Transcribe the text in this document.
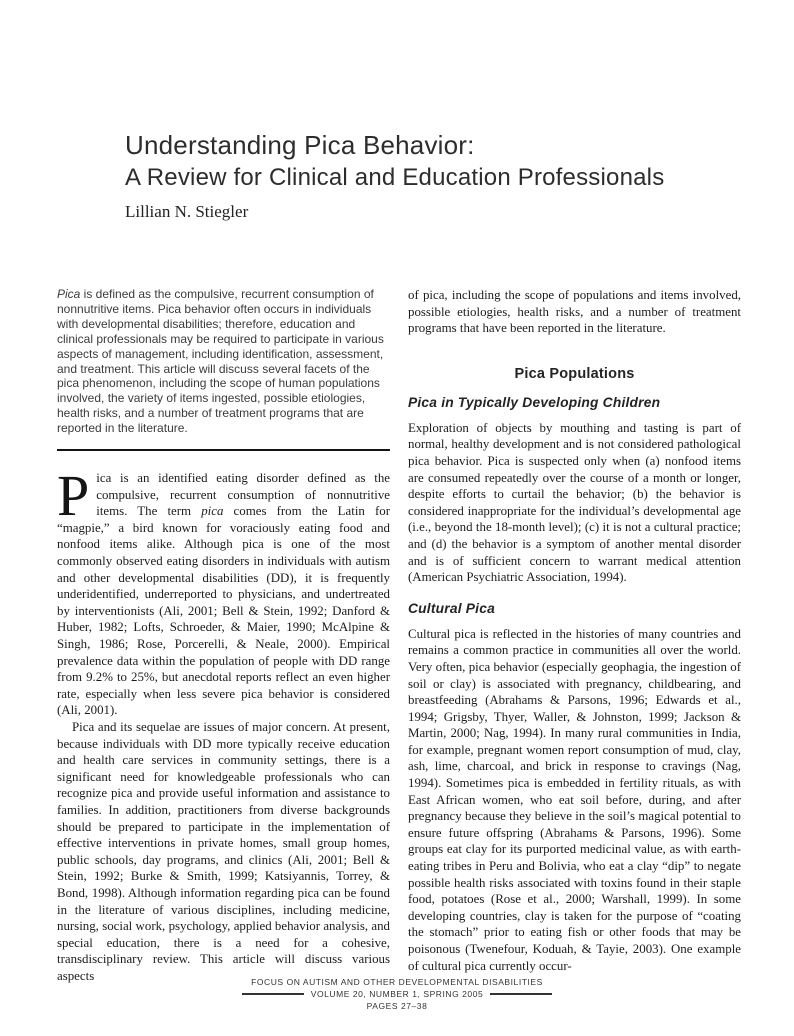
Understanding Pica Behavior:
A Review for Clinical and Education Professionals
Lillian N. Stiegler

Pica is defined as the compulsive, recurrent consumption of nonnutritive items. Pica behavior often occurs in individuals with developmental disabilities; therefore, education and clinical professionals may be required to participate in various aspects of management, including identification, assessment, and treatment. This article will discuss several facets of the pica phenomenon, including the scope of human populations involved, the variety of items ingested, possible etiologies, health risks, and a number of treatment programs that are reported in the literature.

Pica is an identified eating disorder defined as the compulsive, recurrent consumption of nonnutritive items. The term pica comes from the Latin for “magpie,” a bird known for voraciously eating food and nonfood items alike. Although pica is one of the most commonly observed eating disorders in individuals with autism and other developmental disabilities (DD), it is frequently underidentified, underreported to physicians, and undertreated by interventionists (Ali, 2001; Bell & Stein, 1992; Danford & Huber, 1982; Lofts, Schroeder, & Maier, 1990; McAlpine & Singh, 1986; Rose, Porcerelli, & Neale, 2000). Empirical prevalence data within the population of people with DD range from 9.2% to 25%, but anecdotal reports reflect an even higher rate, especially when less severe pica behavior is considered (Ali, 2001).

Pica and its sequelae are issues of major concern. At present, because individuals with DD more typically receive education and health care services in community settings, there is a significant need for knowledgeable professionals who can recognize pica and provide useful information and assistance to families. In addition, practitioners from diverse backgrounds should be prepared to participate in the implementation of effective interventions in private homes, small group homes, public schools, day programs, and clinics (Ali, 2001; Bell & Stein, 1992; Burke & Smith, 1999; Katsiyannis, Torrey, & Bond, 1998). Although information regarding pica can be found in the literature of various disciplines, including medicine, nursing, social work, psychology, applied behavior analysis, and special education, there is a need for a cohesive, transdisciplinary review. This article will discuss various aspects

of pica, including the scope of populations and items involved, possible etiologies, health risks, and a number of treatment programs that have been reported in the literature.

Pica Populations
Pica in Typically Developing Children

Exploration of objects by mouthing and tasting is part of normal, healthy development and is not considered pathological pica behavior. Pica is suspected only when (a) nonfood items are consumed repeatedly over the course of a month or longer, despite efforts to curtail the behavior; (b) the behavior is considered inappropriate for the individual’s developmental age (i.e., beyond the 18-month level); (c) it is not a cultural practice; and (d) the behavior is a symptom of another mental disorder and is of sufficient concern to warrant medical attention (American Psychiatric Association, 1994).

Cultural Pica

Cultural pica is reflected in the histories of many countries and remains a common practice in communities all over the world. Very often, pica behavior (especially geophagia, the ingestion of soil or clay) is associated with pregnancy, childbearing, and breastfeeding (Abrahams & Parsons, 1996; Edwards et al., 1994; Grigsby, Thyer, Waller, & Johnston, 1999; Jackson & Martin, 2000; Nag, 1994). In many rural communities in India, for example, pregnant women report consumption of mud, clay, ash, lime, charcoal, and brick in response to cravings (Nag, 1994). Sometimes pica is embedded in fertility rituals, as with East African women, who eat soil before, during, and after pregnancy because they believe in the soil’s magical potential to ensure future offspring (Abrahams & Parsons, 1996). Some groups eat clay for its purported medicinal value, as with earth-eating tribes in Peru and Bolivia, who eat a clay “dip” to negate possible health risks associated with toxins found in their staple food, potatoes (Rose et al., 2000; Warshall, 1999). In some developing countries, clay is taken for the purpose of “coating the stomach” prior to eating fish or other foods that may be poisonous (Twenefour, Koduah, & Tayie, 2003). One example of cultural pica currently occur-

FOCUS ON AUTISM AND OTHER DEVELOPMENTAL DISABILITIES
VOLUME 20, NUMBER 1, SPRING 2005
PAGES 27–38
